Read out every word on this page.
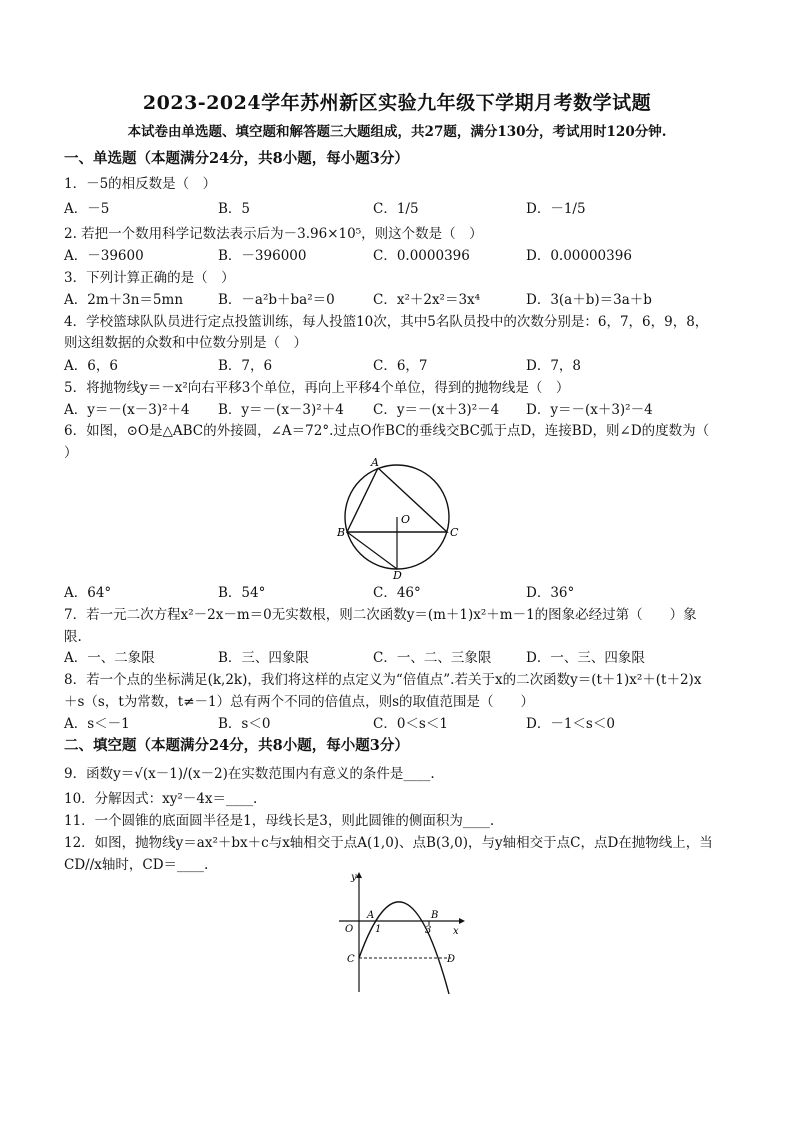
2023-2024学年苏州新区实验九年级下学期月考数学试题
本试卷由单选题、填空题和解答题三大题组成，共27题，满分130分，考试用时120分钟.
一、单选题（本题满分24分，共8小题，每小题3分）
1．－5的相反数是（　）
A．－5	B．5	C．1/5	D．－1/5
2. 若把一个数用科学记数法表示后为－3.96×10⁵，则这个数是（　）
A．－39600	B．－396000	C．0.0000396	D．0.00000396
3．下列计算正确的是（　）
A．2m＋3n＝5mn	B．－a²b＋ba²＝0	C．x²＋2x²＝3x⁴	D．3(a＋b)＝3a＋b
4．学校篮球队队员进行定点投篮训练，每人投篮10次，其中5名队员投中的次数分别是：6，7，6，9，8，
则这组数据的众数和中位数分别是（　）
A．6，6	B．7，6	C．6，7	D．7，8
5．将抛物线y＝－x²向右平移3个单位，再向上平移4个单位，得到的抛物线是（　）
A．y＝－(x－3)²＋4 B．y＝－(x－3)²＋4 C．y＝－(x＋3)²－4 D．y＝－(x＋3)²－4
6．如图，⊙O是△ABC的外接圆，∠A＝72°.过点O作BC的垂线交BC弧于点D，连接BD，则∠D的度数为（
）
A
B	C
D
O
A．64°	B．54°	C．46°	D．36°
7．若一元二次方程x²－2x－m＝0无实数根，则二次函数y＝(m＋1)x²＋m－1的图象必经过第（　　）象
限.
A．一、二象限	B．三、四象限	C．一、二、三象限	D．一、三、四象限
8．若一个点的坐标满足(k,2k)，我们将这样的点定义为“倍值点”.若关于x的二次函数y＝(t＋1)x²＋(t＋2)x
＋s（s，t为常数，t≠－1）总有两个不同的倍值点，则s的取值范围是（　　）
A．s＜－1	B．s＜0	C．0＜s＜1	D．－1＜s＜0
二、填空题（本题满分24分，共8小题，每小题3分）
9．函数y＝√(x－1)/(x－2)在实数范围内有意义的条件是____.
10．分解因式：xy²－4x＝____.
11．一个圆锥的底面圆半径是1，母线长是3，则此圆锥的侧面积为____.
12．如图，抛物线y＝ax²＋bx＋c与x轴相交于点A(1,0)、点B(3,0)，与y轴相交于点C，点D在抛物线上，当
CD//x轴时，CD＝____.
y
x
O
A	B
C	D
1	3
